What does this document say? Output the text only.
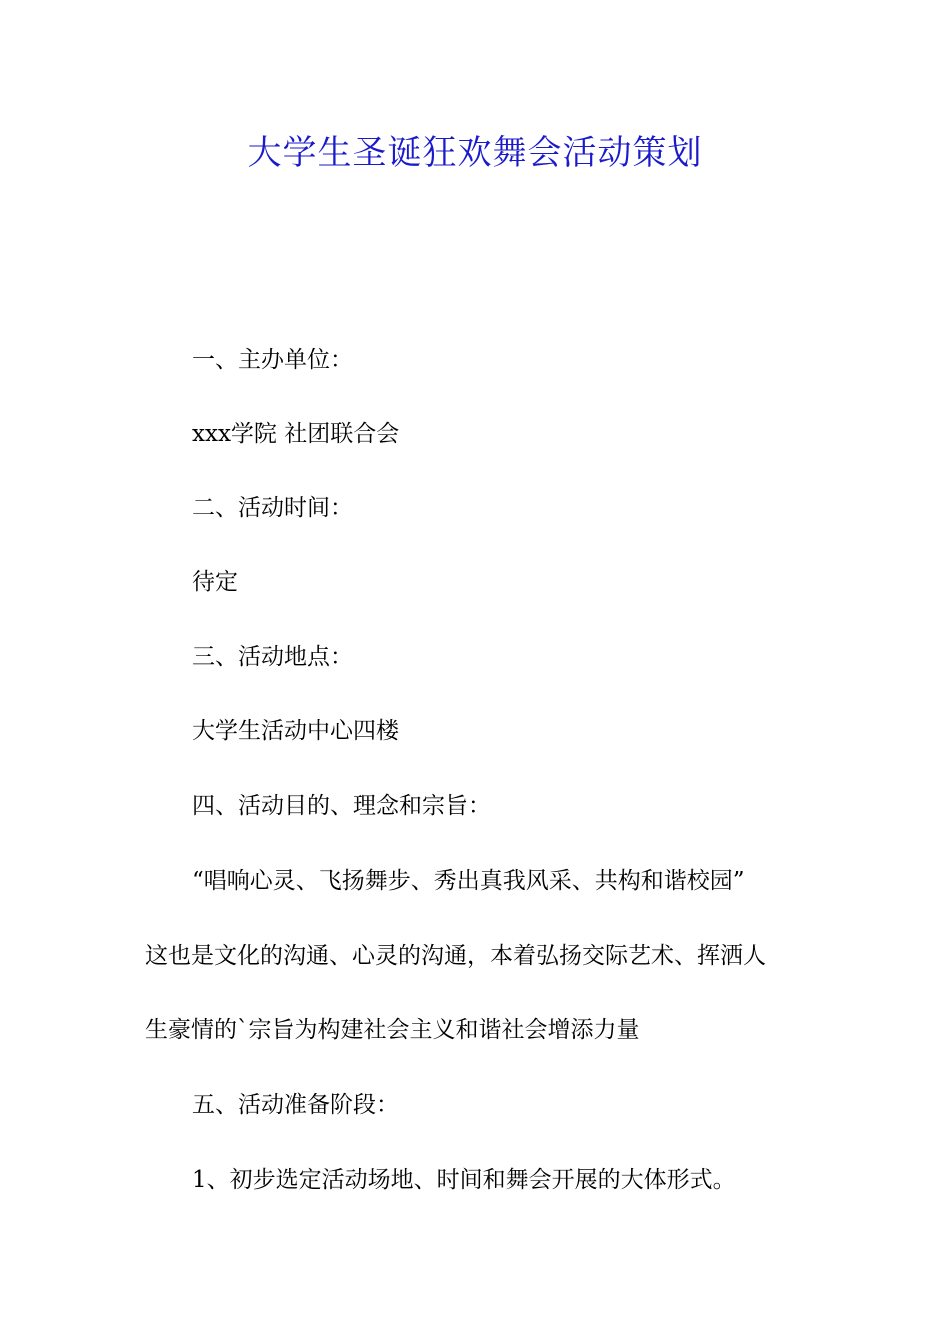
大学生圣诞狂欢舞会活动策划
一、主办单位：
xxx学院 社团联合会
二、活动时间：
待定
三、活动地点：
大学生活动中心四楼
四、活动目的、理念和宗旨：
“唱响心灵、飞扬舞步、秀出真我风采、共构和谐校园”
这也是文化的沟通、心灵的沟通，本着弘扬交际艺术、挥洒人
生豪情的`宗旨为构建社会主义和谐社会增添力量
五、活动准备阶段：
1、初步选定活动场地、时间和舞会开展的大体形式。
